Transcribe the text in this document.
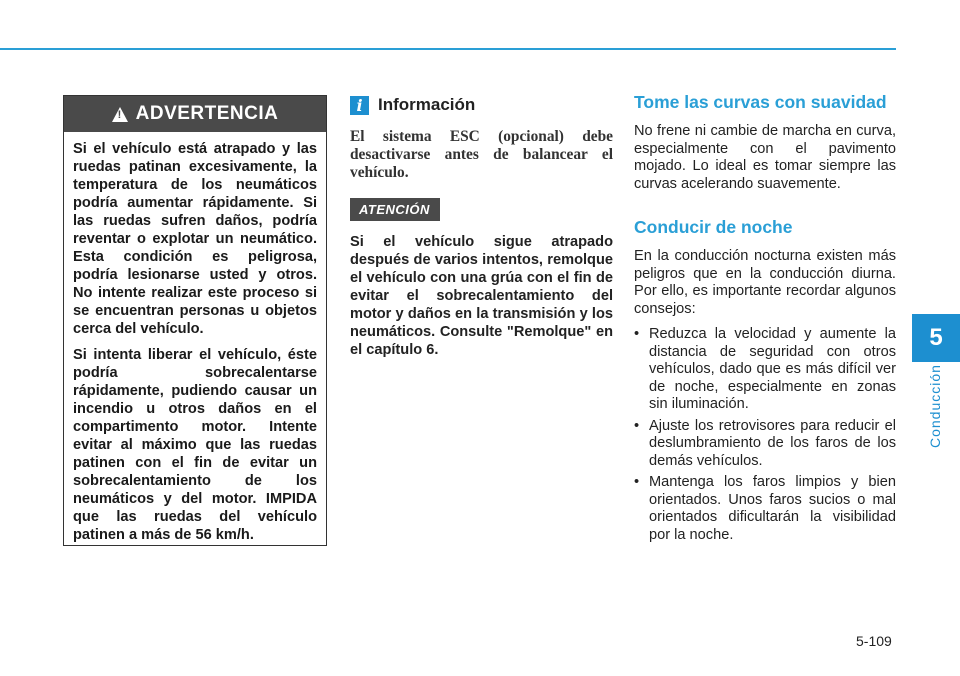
5
Conducción
!
ADVERTENCIA

Si el vehículo está atrapado y las ruedas patinan excesivamente, la temperatura de los neumáticos podría aumentar rápidamente. Si las ruedas sufren daños, podría reventar o explotar un neumático. Esta condición es peligrosa, podría lesionarse usted y otros. No intente realizar este proceso si se encuentran personas u objetos cerca del vehículo.

Si intenta liberar el vehículo, éste podría sobrecalentarse rápidamente, pudiendo causar un incendio u otros daños en el compartimento motor. Intente evitar al máximo que las ruedas patinen con el fin de evitar un sobrecalentamiento de los neumáticos y del motor. IMPIDA que las ruedas del vehículo patinen a más de 56 km/h.

i Información

El sistema ESC (opcional) debe desactivarse antes de balancear el vehículo.

ATENCIÓN

Si el vehículo sigue atrapado después de varios intentos, remolque el vehículo con una grúa con el fin de evitar el sobrecalentamiento del motor y daños en la transmisión y los neumáticos. Consulte "Remolque" en el capítulo 6.

Tome las curvas con suavidad

No frene ni cambie de marcha en curva, especialmente con el pavimento mojado. Lo ideal es tomar siempre las curvas acelerando suavemente.

Conducir de noche

En la conducción nocturna existen más peligros que en la conducción diurna. Por ello, es importante recordar algunos consejos:

• Reduzca la velocidad y aumente la distancia de seguridad con otros vehículos, dado que es más difícil ver de noche, especialmente en zonas sin iluminación.
• Ajuste los retrovisores para reducir el deslumbramiento de los faros de los demás vehículos.
• Mantenga los faros limpios y bien orientados. Unos faros sucios o mal orientados dificultarán la visibilidad por la noche.
5-109
